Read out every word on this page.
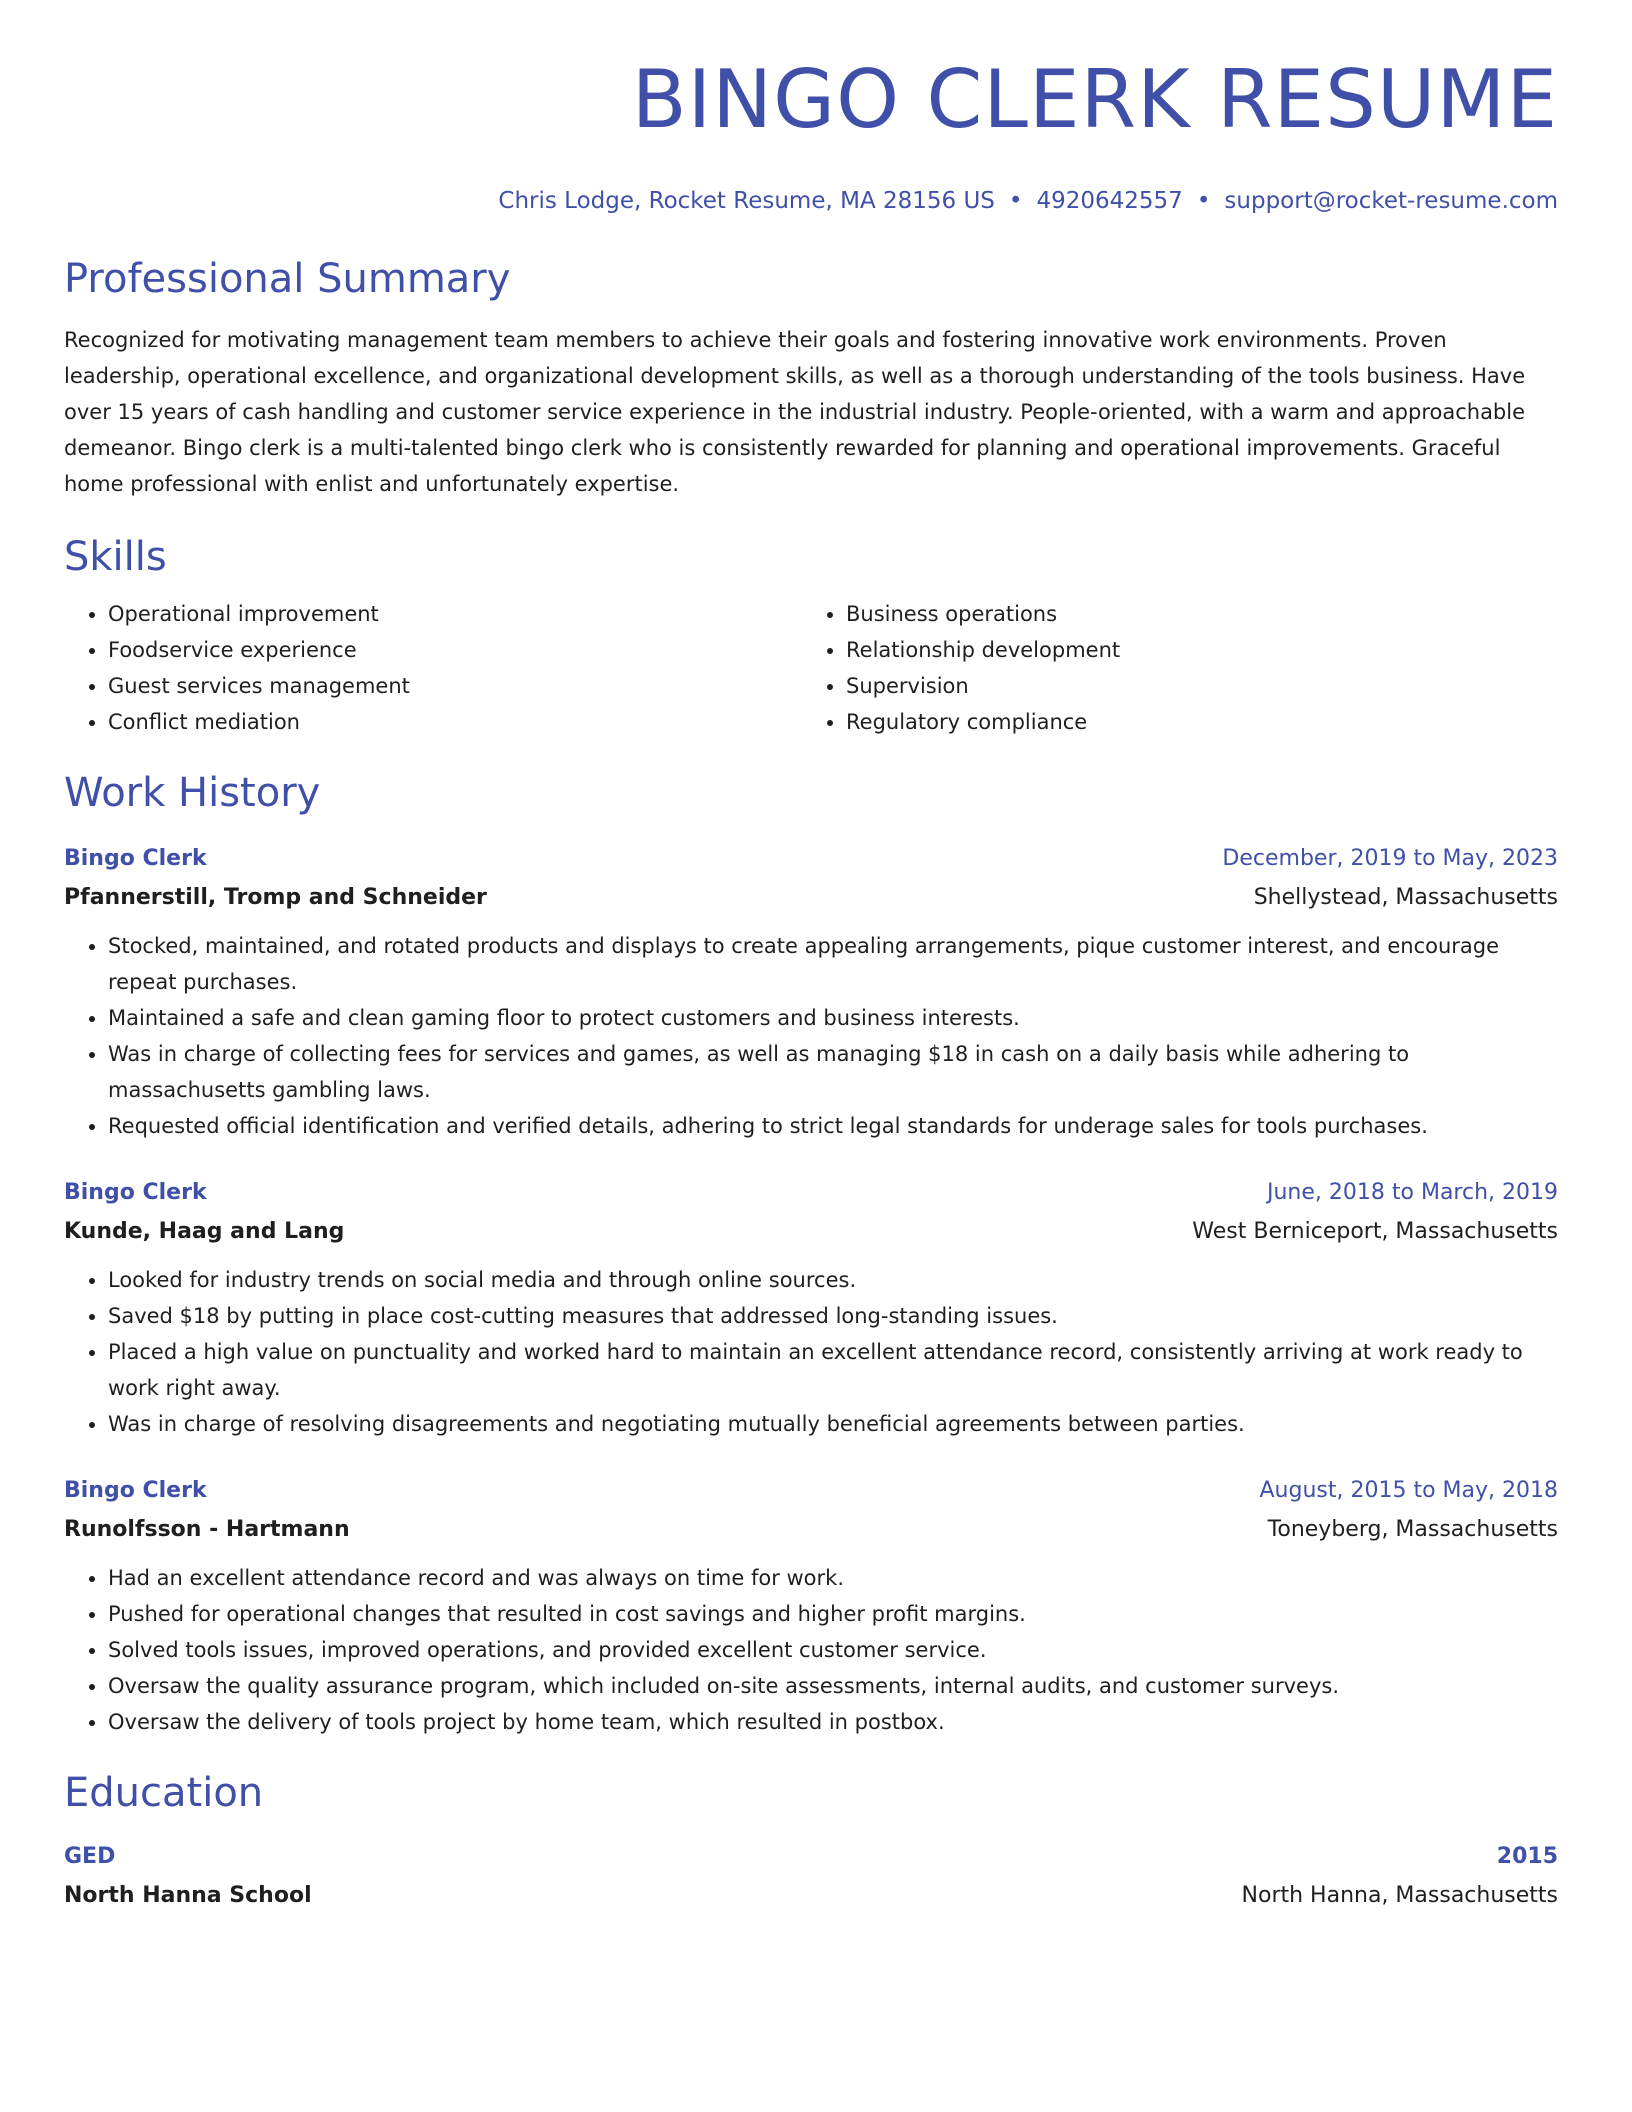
BINGO CLERK RESUME
Chris Lodge, Rocket Resume, MA 28156 US • 4920642557 • support@rocket-resume.com
Professional Summary

Recognized for motivating management team members to achieve their goals and fostering innovative work environments. Proven leadership, operational excellence, and organizational development skills, as well as a thorough understanding of the tools business. Have over 15 years of cash handling and customer service experience in the industrial industry. People-oriented, with a warm and approachable demeanor. Bingo clerk is a multi-talented bingo clerk who is consistently rewarded for planning and operational improvements. Graceful home professional with enlist and unfortunately expertise.

Skills
• Operational improvement
• Foodservice experience
• Guest services management
• Conflict mediation
• Business operations
• Relationship development
• Supervision
• Regulatory compliance
Work History
Bingo Clerk	December, 2019 to May, 2023
Pfannerstill, Tromp and Schneider	Shellystead, Massachusetts
• Stocked, maintained, and rotated products and displays to create appealing arrangements, pique customer interest, and encourage repeat purchases.
• Maintained a safe and clean gaming floor to protect customers and business interests.
• Was in charge of collecting fees for services and games, as well as managing $18 in cash on a daily basis while adhering to massachusetts gambling laws.
• Requested official identification and verified details, adhering to strict legal standards for underage sales for tools purchases.
Bingo Clerk	June, 2018 to March, 2019
Kunde, Haag and Lang	West Berniceport, Massachusetts
• Looked for industry trends on social media and through online sources.
• Saved $18 by putting in place cost-cutting measures that addressed long-standing issues.
• Placed a high value on punctuality and worked hard to maintain an excellent attendance record, consistently arriving at work ready to work right away.
• Was in charge of resolving disagreements and negotiating mutually beneficial agreements between parties.
Bingo Clerk	August, 2015 to May, 2018
Runolfsson - Hartmann	Toneyberg, Massachusetts
• Had an excellent attendance record and was always on time for work.
• Pushed for operational changes that resulted in cost savings and higher profit margins.
• Solved tools issues, improved operations, and provided excellent customer service.
• Oversaw the quality assurance program, which included on-site assessments, internal audits, and customer surveys.
• Oversaw the delivery of tools project by home team, which resulted in postbox.
Education
GED	2015
North Hanna School	North Hanna, Massachusetts
